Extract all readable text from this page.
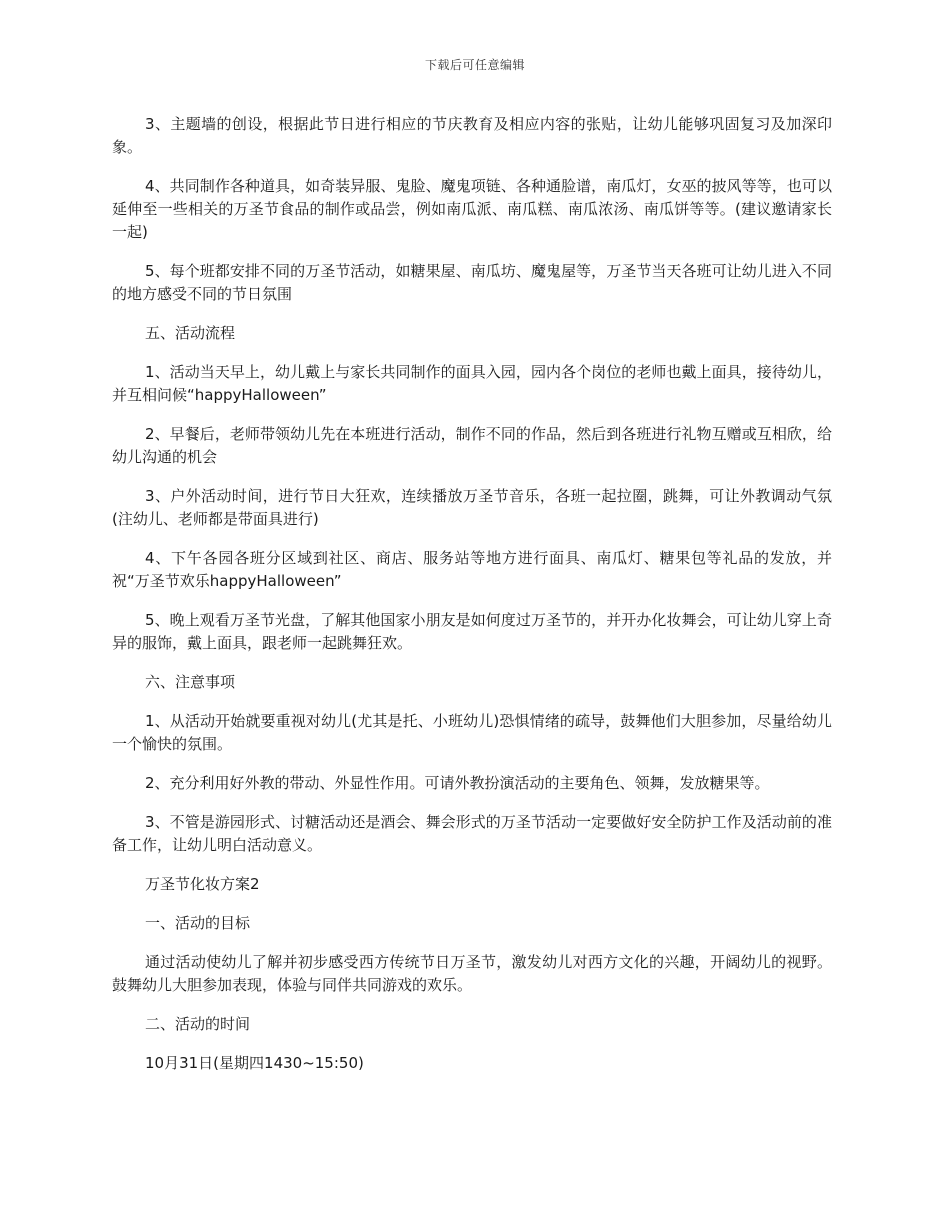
下载后可任意编辑

3、主题墙的创设，根据此节日进行相应的节庆教育及相应内容的张贴，让幼儿能够巩固复习及加深印象。

4、共同制作各种道具，如奇装异服、鬼脸、魔鬼项链、各种通脸谱，南瓜灯，女巫的披风等等，也可以延伸至一些相关的万圣节食品的制作或品尝，例如南瓜派、南瓜糕、南瓜浓汤、南瓜饼等等。(建议邀请家长一起)

5、每个班都安排不同的万圣节活动，如糖果屋、南瓜坊、魔鬼屋等，万圣节当天各班可让幼儿进入不同的地方感受不同的节日氛围

五、活动流程

1、活动当天早上，幼儿戴上与家长共同制作的面具入园，园内各个岗位的老师也戴上面具，接待幼儿，并互相问候“happyHalloween”

2、早餐后，老师带领幼儿先在本班进行活动，制作不同的作品，然后到各班进行礼物互赠或互相欣，给幼儿沟通的机会

3、户外活动时间，进行节日大狂欢，连续播放万圣节音乐，各班一起拉圈，跳舞，可让外教调动气氛(注幼儿、老师都是带面具进行)

4、下午各园各班分区域到社区、商店、服务站等地方进行面具、南瓜灯、糖果包等礼品的发放，并祝“万圣节欢乐happyHalloween”

5、晚上观看万圣节光盘，了解其他国家小朋友是如何度过万圣节的，并开办化妆舞会，可让幼儿穿上奇异的服饰，戴上面具，跟老师一起跳舞狂欢。

六、注意事项

1、从活动开始就要重视对幼儿(尤其是托、小班幼儿)恐惧情绪的疏导，鼓舞他们大胆参加，尽量给幼儿一个愉快的氛围。

2、充分利用好外教的带动、外显性作用。可请外教扮演活动的主要角色、领舞，发放糖果等。

3、不管是游园形式、讨糖活动还是酒会、舞会形式的万圣节活动一定要做好安全防护工作及活动前的准备工作，让幼儿明白活动意义。

万圣节化妆方案2

一、活动的目标

通过活动使幼儿了解并初步感受西方传统节日万圣节，激发幼儿对西方文化的兴趣，开阔幼儿的视野。鼓舞幼儿大胆参加表现，体验与同伴共同游戏的欢乐。

二、活动的时间

10月31日(星期四1430~15:50)
